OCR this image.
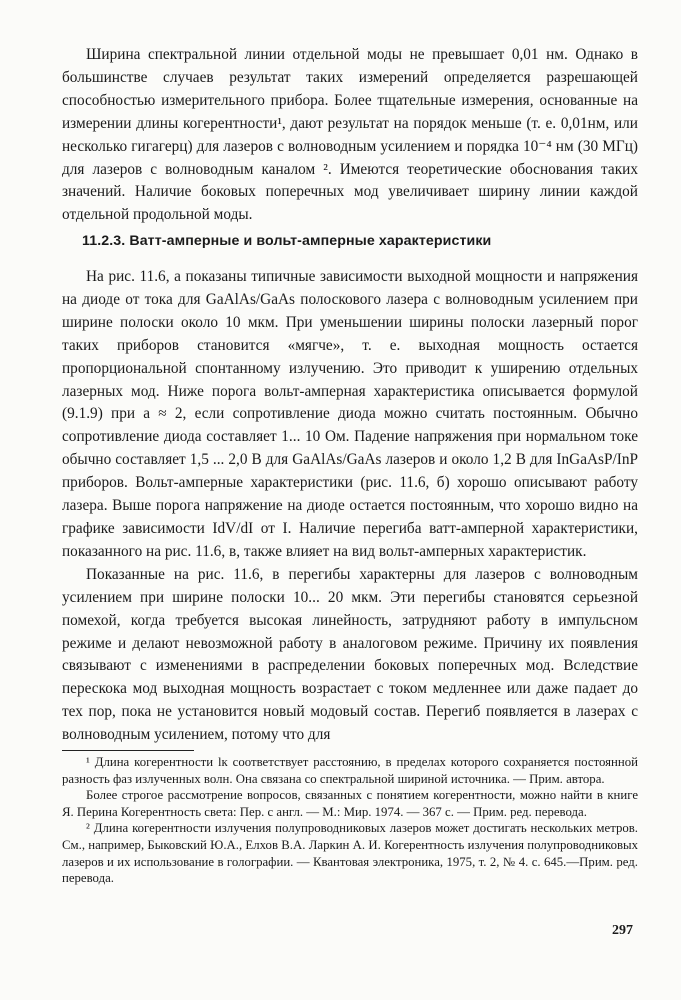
Ширина спектральной линии отдельной моды не превышает 0,01 нм. Однако в большинстве случаев результат таких измерений определяется разрешающей способностью измерительного прибора. Более тщательные измерения, основанные на измерении длины когерентности¹, дают результат на порядок меньше (т. е. 0,01нм, или несколько гигагерц) для лазеров с волноводным усилением и порядка 10⁻⁴ нм (30 МГц) для лазеров с волноводным каналом ². Имеются теоретические обоснования таких значений. Наличие боковых поперечных мод увеличивает ширину линии каждой отдельной продольной моды.

11.2.3. Ватт-амперные и вольт-амперные характеристики

На рис. 11.6, а показаны типичные зависимости выходной мощности и напряжения на диоде от тока для GaAlAs/GaAs полоскового лазера с волноводным усилением при ширине полоски около 10 мкм. При уменьшении ширины полоски лазерный порог таких приборов становится «мягче», т. е. выходная мощность остается пропорциональной спонтанному излучению. Это приводит к уширению отдельных лазерных мод. Ниже порога вольт-амперная характеристика описывается формулой (9.1.9) при a ≈ 2, если сопротивление диода можно считать постоянным. Обычно сопротивление диода составляет 1... 10 Ом. Падение напряжения при нормальном токе обычно составляет 1,5 ... 2,0 В для GaAlAs/GaAs лазеров и около 1,2 В для InGaAsP/InP приборов. Вольт-амперные характеристики (рис. 11.6, б) хорошо описывают работу лазера. Выше порога напряжение на диоде остается постоянным, что хорошо видно на графике зависимости IdV/dI от I. Наличие перегиба ватт-амперной характеристики, показанного на рис. 11.6, в, также влияет на вид вольт-амперных характеристик.

Показанные на рис. 11.6, в перегибы характерны для лазеров с волноводным усилением при ширине полоски 10... 20 мкм. Эти перегибы становятся серьезной помехой, когда требуется высокая линейность, затрудняют работу в импульсном режиме и делают невозможной работу в аналоговом режиме. Причину их появления связывают с изменениями в распределении боковых поперечных мод. Вследствие перескока мод выходная мощность возрастает с током медленнее или даже падает до тех пор, пока не установится новый модовый состав. Перегиб появляется в лазерах с волноводным усилением, потому что для

¹ Длина когерентности lк соответствует расстоянию, в пределах которого сохраняется постоянной разность фаз излученных волн. Она связана со спектральной шириной источника. — Прим. автора.

Более строгое рассмотрение вопросов, связанных с понятием когерентности, можно найти в книге Я. Перина Когерентность света: Пер. с англ. — М.: Мир. 1974. — 367 с. — Прим. ред. перевода.

² Длина когерентности излучения полупроводниковых лазеров может достигать нескольких метров. См., например, Быковский Ю.А., Елхов В.А. Ларкин А. И. Когерентность излучения полупроводниковых лазеров и их использование в голографии. — Квантовая электроника, 1975, т. 2, № 4. с. 645.—Прим. ред. перевода.

297
